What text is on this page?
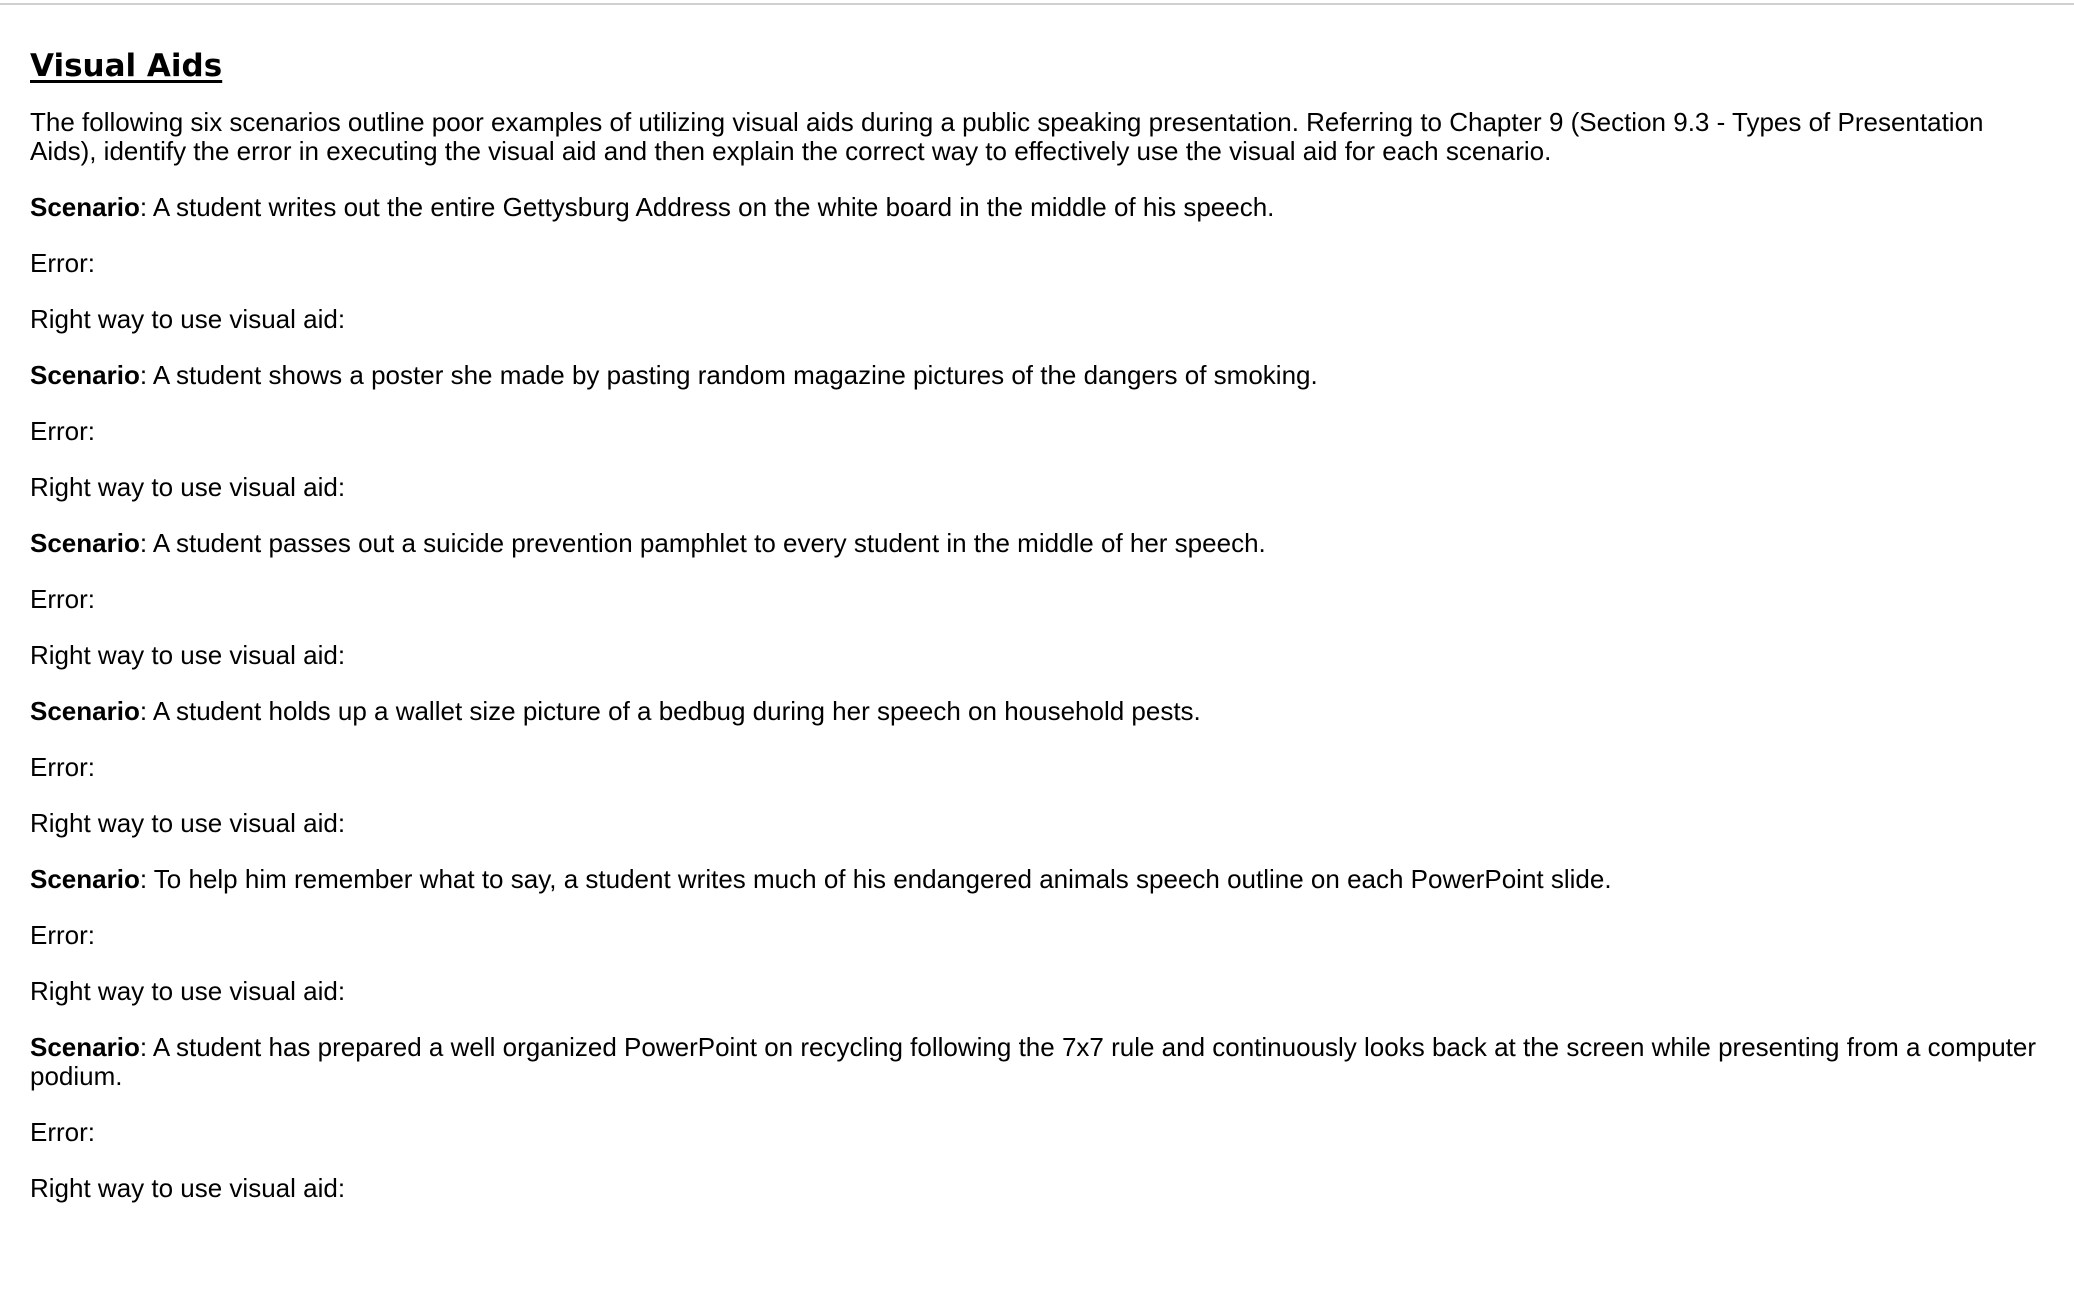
Visual Aids
The following six scenarios outline poor examples of utilizing visual aids during a public speaking presentation. Referring to Chapter 9 (Section 9.3 - Types of Presentation Aids), identify the error in executing the visual aid and then explain the correct way to effectively use the visual aid for each scenario.
Scenario: A student writes out the entire Gettysburg Address on the white board in the middle of his speech.
Error:
Right way to use visual aid:
Scenario: A student shows a poster she made by pasting random magazine pictures of the dangers of smoking.
Error:
Right way to use visual aid:
Scenario: A student passes out a suicide prevention pamphlet to every student in the middle of her speech.
Error:
Right way to use visual aid:
Scenario: A student holds up a wallet size picture of a bedbug during her speech on household pests.
Error:
Right way to use visual aid:
Scenario: To help him remember what to say, a student writes much of his endangered animals speech outline on each PowerPoint slide.
Error:
Right way to use visual aid:
Scenario: A student has prepared a well organized PowerPoint on recycling following the 7x7 rule and continuously looks back at the screen while presenting from a computer podium.
Error:
Right way to use visual aid:
